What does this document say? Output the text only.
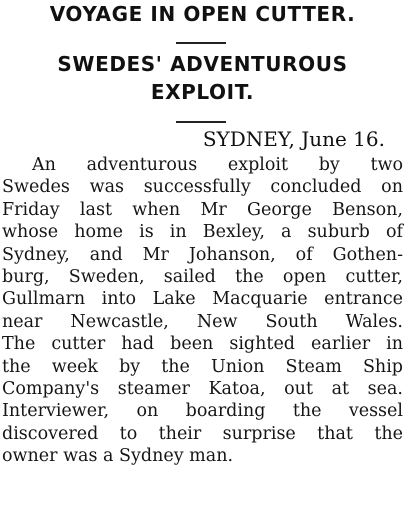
VOYAGE IN OPEN CUTTER.
SWEDES' ADVENTUROUS
EXPLOIT.
SYDNEY, June 16.
An adventurous exploit by two
Swedes was successfully concluded on
Friday last when Mr George Benson,
whose home is in Bexley, a suburb of
Sydney, and Mr Johanson, of Gothen-
burg, Sweden, sailed the open cutter,
Gullmarn into Lake Macquarie entrance
near Newcastle, New South Wales.
The cutter had been sighted earlier in
the week by the Union Steam Ship
Company's steamer Katoa, out at sea.
Interviewer, on boarding the vessel
discovered to their surprise that the
owner was a Sydney man.
